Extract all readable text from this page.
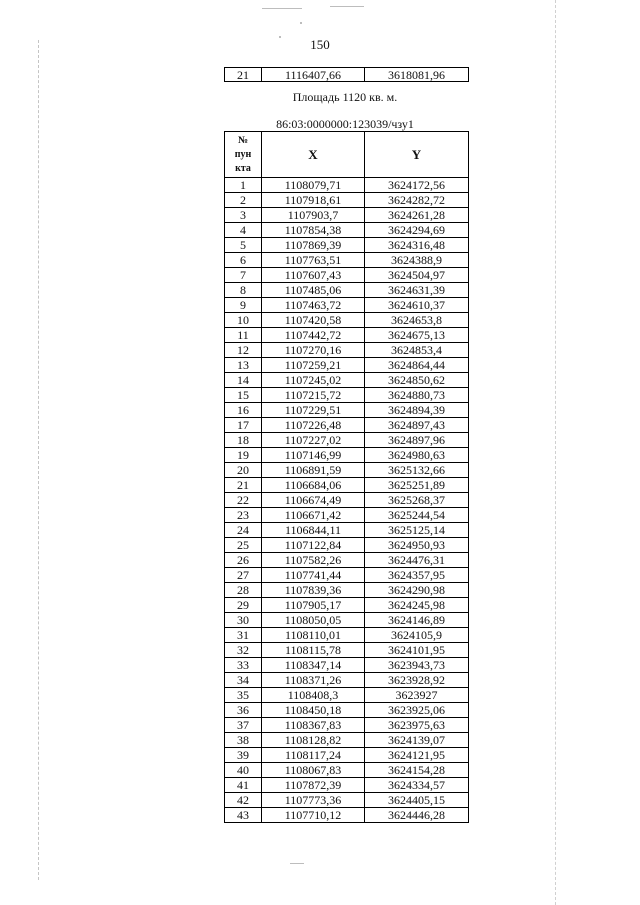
150
21	1116407,66	3618081,96
Площадь 1120 кв. м.
86:03:0000000:123039/чзу1
№
пун
кта	X	Y
1	1108079,71	3624172,56
2	1107918,61	3624282,72
3	1107903,7	3624261,28
4	1107854,38	3624294,69
5	1107869,39	3624316,48
6	1107763,51	3624388,9
7	1107607,43	3624504,97
8	1107485,06	3624631,39
9	1107463,72	3624610,37
10	1107420,58	3624653,8
11	1107442,72	3624675,13
12	1107270,16	3624853,4
13	1107259,21	3624864,44
14	1107245,02	3624850,62
15	1107215,72	3624880,73
16	1107229,51	3624894,39
17	1107226,48	3624897,43
18	1107227,02	3624897,96
19	1107146,99	3624980,63
20	1106891,59	3625132,66
21	1106684,06	3625251,89
22	1106674,49	3625268,37
23	1106671,42	3625244,54
24	1106844,11	3625125,14
25	1107122,84	3624950,93
26	1107582,26	3624476,31
27	1107741,44	3624357,95
28	1107839,36	3624290,98
29	1107905,17	3624245,98
30	1108050,05	3624146,89
31	1108110,01	3624105,9
32	1108115,78	3624101,95
33	1108347,14	3623943,73
34	1108371,26	3623928,92
35	1108408,3	3623927
36	1108450,18	3623925,06
37	1108367,83	3623975,63
38	1108128,82	3624139,07
39	1108117,24	3624121,95
40	1108067,83	3624154,28
41	1107872,39	3624334,57
42	1107773,36	3624405,15
43	1107710,12	3624446,28
